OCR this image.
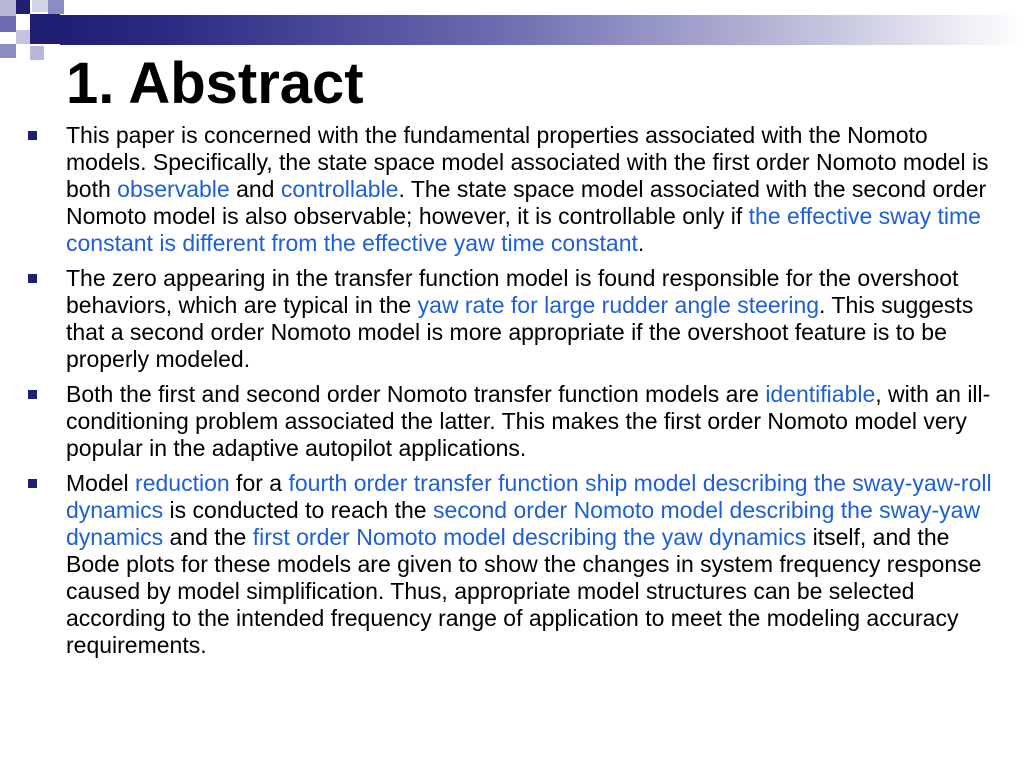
1. Abstract
This paper is concerned with the fundamental properties associated with the Nomoto models. Specifically, the state space model associated with the first order Nomoto model is both observable and controllable. The state space model associated with the second order Nomoto model is also observable; however, it is controllable only if the effective sway time constant is different from the effective yaw time constant.
The zero appearing in the transfer function model is found responsible for the overshoot behaviors, which are typical in the yaw rate for large rudder angle steering. This suggests that a second order Nomoto model is more appropriate if the overshoot feature is to be properly modeled.
Both the first and second order Nomoto transfer function models are identifiable, with an ill-conditioning problem associated the latter. This makes the first order Nomoto model very popular in the adaptive autopilot applications.
Model reduction for a fourth order transfer function ship model describing the sway-yaw-roll dynamics is conducted to reach the second order Nomoto model describing the sway-yaw dynamics and the first order Nomoto model describing the yaw dynamics itself, and the Bode plots for these models are given to show the changes in system frequency response caused by model simplification. Thus, appropriate model structures can be selected according to the intended frequency range of application to meet the modeling accuracy requirements.
